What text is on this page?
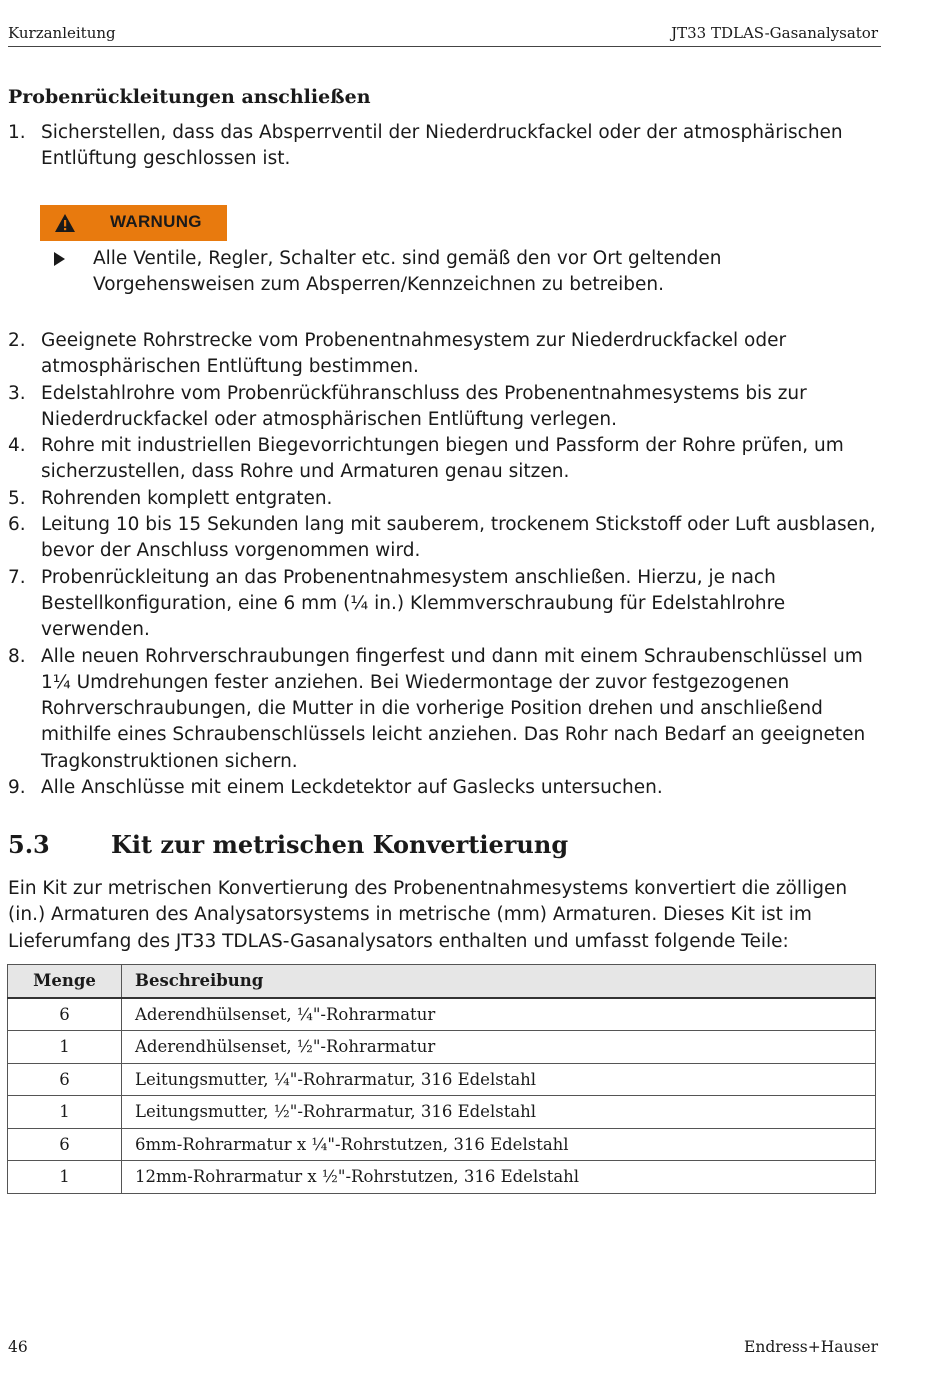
Kurzanleitung	JT33 TDLAS-Gasanalysator
Probenrückleitungen anschließen
1. Sicherstellen, dass das Absperrventil der Niederdruckfackel oder der atmosphärischen Entlüftung geschlossen ist.
WARNUNG
Alle Ventile, Regler, Schalter etc. sind gemäß den vor Ort geltenden Vorgehensweisen zum Absperren/Kennzeichnen zu betreiben.
2. Geeignete Rohrstrecke vom Probenentnahmesystem zur Niederdruckfackel oder atmosphärischen Entlüftung bestimmen.
3. Edelstahlrohre vom Probenrückführanschluss des Probenentnahmesystems bis zur Niederdruckfackel oder atmosphärischen Entlüftung verlegen.
4. Rohre mit industriellen Biegevorrichtungen biegen und Passform der Rohre prüfen, um sicherzustellen, dass Rohre und Armaturen genau sitzen.
5. Rohrenden komplett entgraten.
6. Leitung 10 bis 15 Sekunden lang mit sauberem, trockenem Stickstoff oder Luft ausblasen, bevor der Anschluss vorgenommen wird.
7. Probenrückleitung an das Probenentnahmesystem anschließen. Hierzu, je nach Bestellkonfiguration, eine 6 mm (¼ in.) Klemmverschraubung für Edelstahlrohre verwenden.
8. Alle neuen Rohrverschraubungen fingerfest und dann mit einem Schraubenschlüssel um 1¼ Umdrehungen fester anziehen. Bei Wiedermontage der zuvor festgezogenen Rohrverschraubungen, die Mutter in die vorherige Position drehen und anschließend mithilfe eines Schraubenschlüssels leicht anziehen. Das Rohr nach Bedarf an geeigneten Tragkonstruktionen sichern.
9. Alle Anschlüsse mit einem Leckdetektor auf Gaslecks untersuchen.
5.3	Kit zur metrischen Konvertierung
Ein Kit zur metrischen Konvertierung des Probenentnahmesystems konvertiert die zölligen (in.) Armaturen des Analysatorsystems in metrische (mm) Armaturen. Dieses Kit ist im Lieferumfang des JT33 TDLAS-Gasanalysators enthalten und umfasst folgende Teile:
Menge	Beschreibung
6	Aderendhülsenset, ¼"-Rohrarmatur
1	Aderendhülsenset, ½"-Rohrarmatur
6	Leitungsmutter, ¼"-Rohrarmatur, 316 Edelstahl
1	Leitungsmutter, ½"-Rohrarmatur, 316 Edelstahl
6	6mm-Rohrarmatur x ¼"-Rohrstutzen, 316 Edelstahl
1	12mm-Rohrarmatur x ½"-Rohrstutzen, 316 Edelstahl
46	Endress+Hauser
